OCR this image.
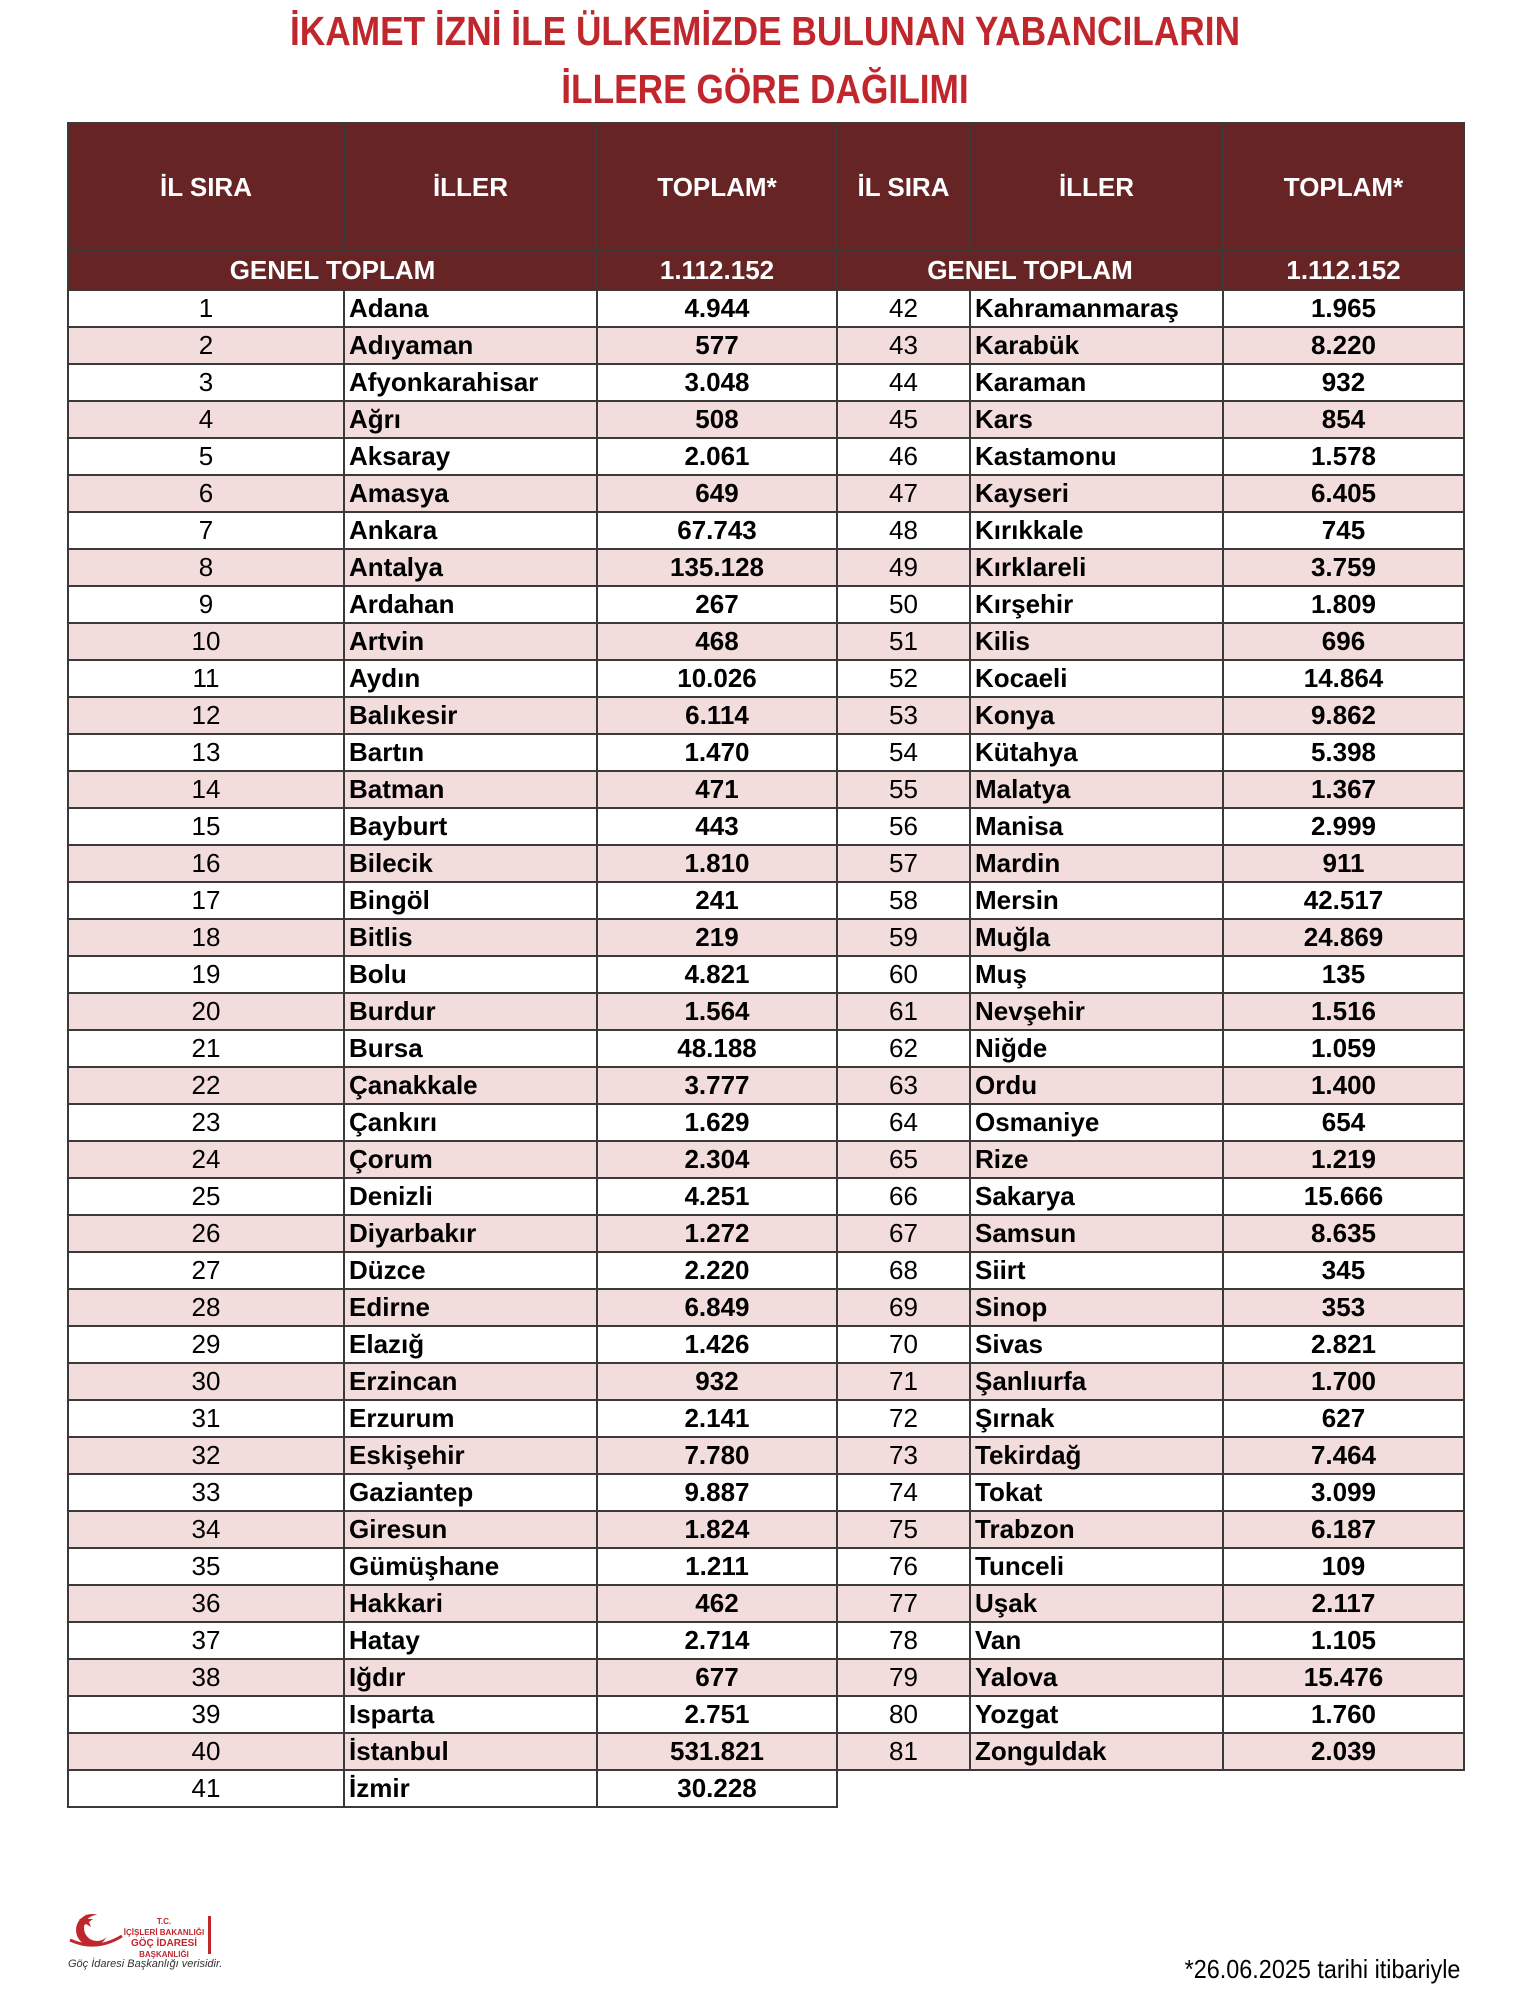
İKAMET İZNİ İLE ÜLKEMİZDE BULUNAN YABANCILARIN
İLLERE GÖRE DAĞILIMI
İL SIRA	İLLER	TOPLAM*	İL SIRA	İLLER	TOPLAM*
GENEL TOPLAM		1.112.152	GENEL TOPLAM		1.112.152
1	Adana	4.944	42	Kahramanmaraş	1.965
2	Adıyaman	577	43	Karabük	8.220
3	Afyonkarahisar	3.048	44	Karaman	932
4	Ağrı	508	45	Kars	854
5	Aksaray	2.061	46	Kastamonu	1.578
6	Amasya	649	47	Kayseri	6.405
7	Ankara	67.743	48	Kırıkkale	745
8	Antalya	135.128	49	Kırklareli	3.759
9	Ardahan	267	50	Kırşehir	1.809
10	Artvin	468	51	Kilis	696
11	Aydın	10.026	52	Kocaeli	14.864
12	Balıkesir	6.114	53	Konya	9.862
13	Bartın	1.470	54	Kütahya	5.398
14	Batman	471	55	Malatya	1.367
15	Bayburt	443	56	Manisa	2.999
16	Bilecik	1.810	57	Mardin	911
17	Bingöl	241	58	Mersin	42.517
18	Bitlis	219	59	Muğla	24.869
19	Bolu	4.821	60	Muş	135
20	Burdur	1.564	61	Nevşehir	1.516
21	Bursa	48.188	62	Niğde	1.059
22	Çanakkale	3.777	63	Ordu	1.400
23	Çankırı	1.629	64	Osmaniye	654
24	Çorum	2.304	65	Rize	1.219
25	Denizli	4.251	66	Sakarya	15.666
26	Diyarbakır	1.272	67	Samsun	8.635
27	Düzce	2.220	68	Siirt	345
28	Edirne	6.849	69	Sinop	353
29	Elazığ	1.426	70	Sivas	2.821
30	Erzincan	932	71	Şanlıurfa	1.700
31	Erzurum	2.141	72	Şırnak	627
32	Eskişehir	7.780	73	Tekirdağ	7.464
33	Gaziantep	9.887	74	Tokat	3.099
34	Giresun	1.824	75	Trabzon	6.187
35	Gümüşhane	1.211	76	Tunceli	109
36	Hakkari	462	77	Uşak	2.117
37	Hatay	2.714	78	Van	1.105
38	Iğdır	677	79	Yalova	15.476
39	Isparta	2.751	80	Yozgat	1.760
40	İstanbul	531.821	81	Zonguldak	2.039
41	İzmir	30.228			
T.C.
İÇİŞLERİ BAKANLIĞI
GÖÇ İDARESİ
BAŞKANLIĞI
Göç İdaresi Başkanlığı verisidir.	*26.06.2025 tarihi itibariyle
